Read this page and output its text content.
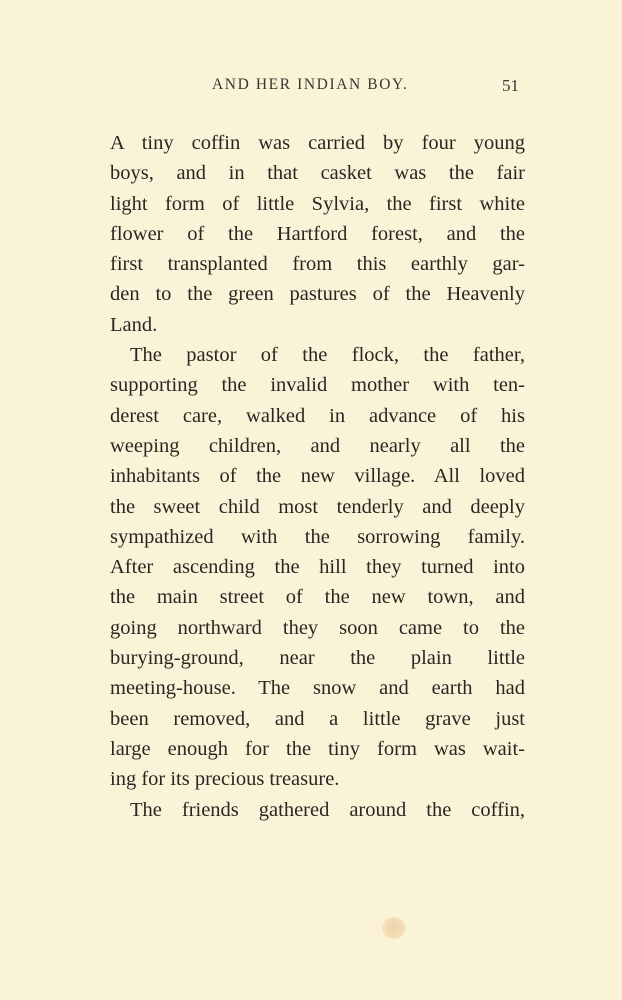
AND HER INDIAN BOY.	51
A tiny coffin was carried by four young
boys, and in that casket was the fair
light form of little Sylvia, the first white
flower of the Hartford forest, and the
first transplanted from this earthly gar-
den to the green pastures of the Heavenly
Land.
The pastor of the flock, the father,
supporting the invalid mother with ten-
derest care, walked in advance of his
weeping children, and nearly all the
inhabitants of the new village. All loved
the sweet child most tenderly and deeply
sympathized with the sorrowing family.
After ascending the hill they turned into
the main street of the new town, and
going northward they soon came to the
burying-ground, near the plain little
meeting-house. The snow and earth had
been removed, and a little grave just
large enough for the tiny form was wait-
ing for its precious treasure.
The friends gathered around the coffin,
